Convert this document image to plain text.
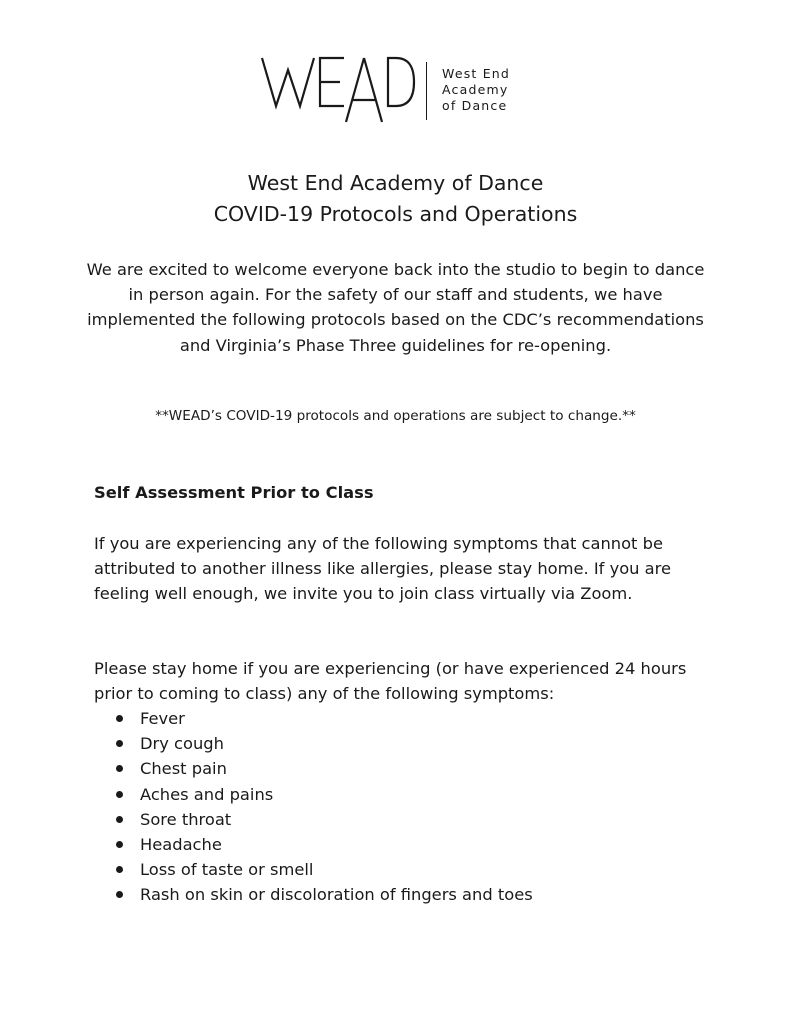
West End
Academy
of Dance
West End Academy of Dance
COVID-19 Protocols and Operations

We are excited to welcome everyone back into the studio to begin to dance in person again. For the safety of our staff and students, we have implemented the following protocols based on the CDC’s recommendations and Virginia’s Phase Three guidelines for re-opening.

**WEAD’s COVID-19 protocols and operations are subject to change.**

Self Assessment Prior to Class

If you are experiencing any of the following symptoms that cannot be attributed to another illness like allergies, please stay home. If you are feeling well enough, we invite you to join class virtually via Zoom.

Please stay home if you are experiencing (or have experienced 24 hours prior to coming to class) any of the following symptoms:

Fever
Dry cough
Chest pain
Aches and pains
Sore throat
Headache
Loss of taste or smell
Rash on skin or discoloration of fingers and toes
